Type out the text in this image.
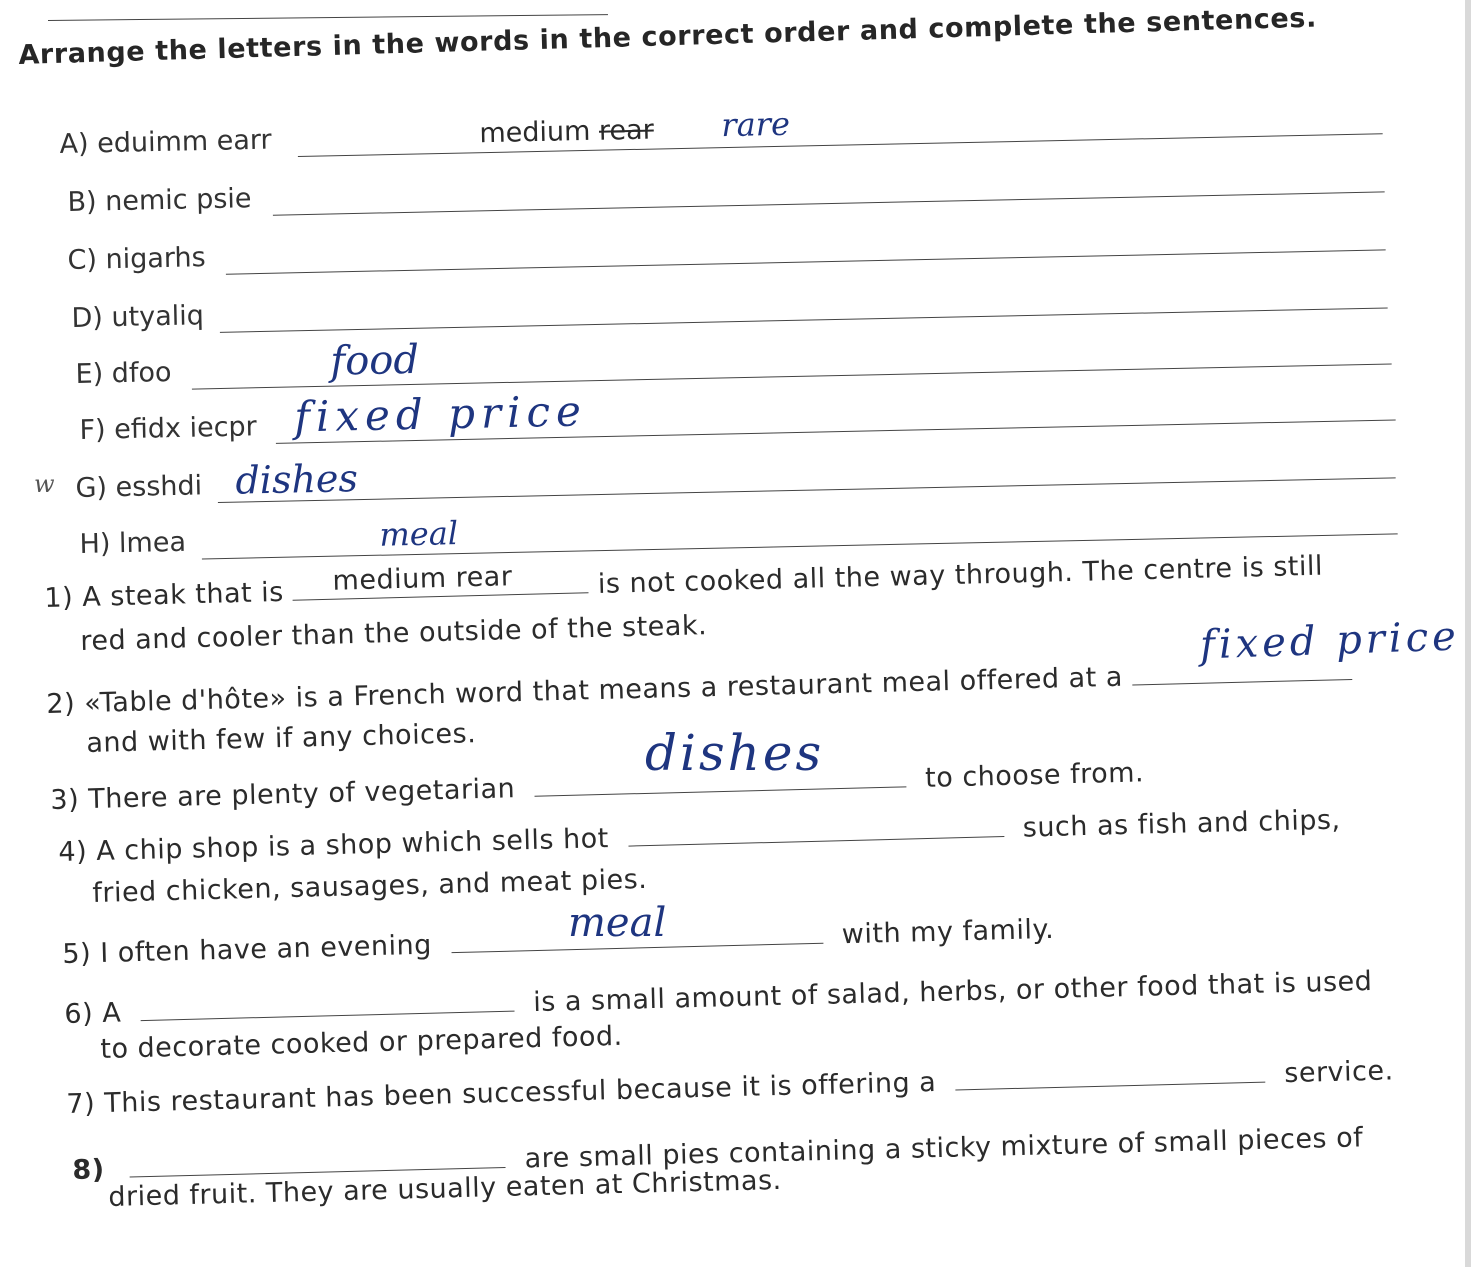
Arrange the letters in the words in the correct order and complete the sentences.
w
A) eduimm earr	medium rear rare
B) nemic psie
C) nigarhs
D) utyaliq
E) dfoo	food
F) efidx iecpr fixed price
G) esshdi dishes
H) lmea	meal
1) A steak that is medium rear	is not cooked all the way through. The centre is still
red and cooler than the outside of the steak.
2) «Table d'hôte» is a French word that means a restaurant meal offered at a
fixed price
and with few if any choices.
3) There are plenty of vegetarian	to choose from.
dishes
4) A chip shop is a shop which sells hot	such as fish and chips,
fried chicken, sausages, and meat pies.
5) I often have an evening	with my family.
meal
6) A	is a small amount of salad, herbs, or other food that is used
to decorate cooked or prepared food.
7) This restaurant has been successful because it is offering a	service.
8)	are small pies containing a sticky mixture of small pieces of
dried fruit. They are usually eaten at Christmas.
